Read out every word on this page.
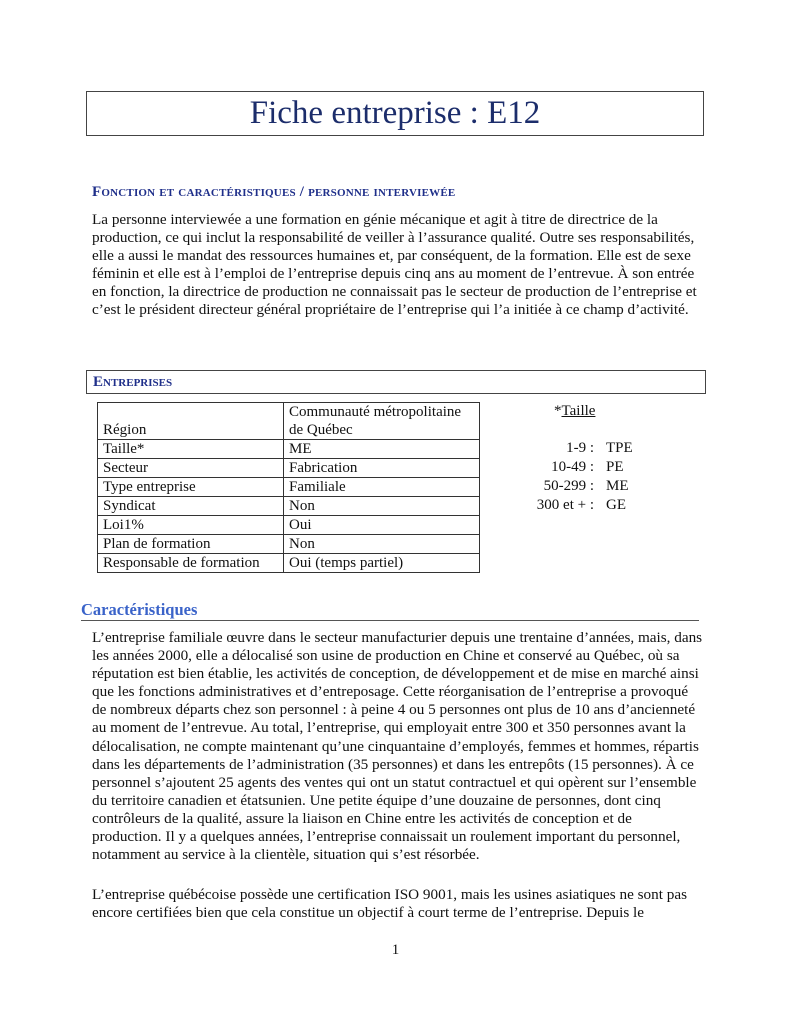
Fiche entreprise : E12
Fonction et caractéristiques / personne interviewée

La personne interviewée a une formation en génie mécanique et agit à titre de directrice de la production, ce qui inclut la responsabilité de veiller à l’assurance qualité. Outre ses responsabilités, elle a aussi le mandat des ressources humaines et, par conséquent, de la formation. Elle est de sexe féminin et elle est à l’emploi de l’entreprise depuis cinq ans au moment de l’entrevue. À son entrée en fonction, la directrice de production ne connaissait pas le secteur de production de l’entreprise et c’est le président directeur général propriétaire de l’entreprise qui l’a initiée à ce champ d’activité.

Entreprises
Région	Communauté métropolitaine de Québec
Taille*	ME
Secteur	Fabrication
Type entreprise	Familiale
Syndicat	Non
Loi1%	Oui
Plan de formation	Non
Responsable de formation	Oui (temps partiel)
*Taille
1-9 : TPE
10-49 : PE
50-299 : ME
300 et + : GE
Caractéristiques

L’entreprise familiale œuvre dans le secteur manufacturier depuis une trentaine d’années, mais, dans les années 2000, elle a délocalisé son usine de production en Chine et conservé au Québec, où sa réputation est bien établie, les activités de conception, de développement et de mise en marché ainsi que les fonctions administratives et d’entreposage. Cette réorganisation de l’entreprise a provoqué de nombreux départs chez son personnel : à peine 4 ou 5 personnes ont plus de 10 ans d’ancienneté au moment de l’entrevue. Au total, l’entreprise, qui employait entre 300 et 350 personnes avant la délocalisation, ne compte maintenant qu’une cinquantaine d’employés, femmes et hommes, répartis dans les départements de l’administration (35 personnes) et dans les entrepôts (15 personnes). À ce personnel s’ajoutent 25 agents des ventes qui ont un statut contractuel et qui opèrent sur l’ensemble du territoire canadien et étatsunien. Une petite équipe d’une douzaine de personnes, dont cinq contrôleurs de la qualité, assure la liaison en Chine entre les activités de conception et de production. Il y a quelques années, l’entreprise connaissait un roulement important du personnel, notamment au service à la clientèle, situation qui s’est résorbée.

L’entreprise québécoise possède une certification ISO 9001, mais les usines asiatiques ne sont pas encore certifiées bien que cela constitue un objectif à court terme de l’entreprise. Depuis le

1
